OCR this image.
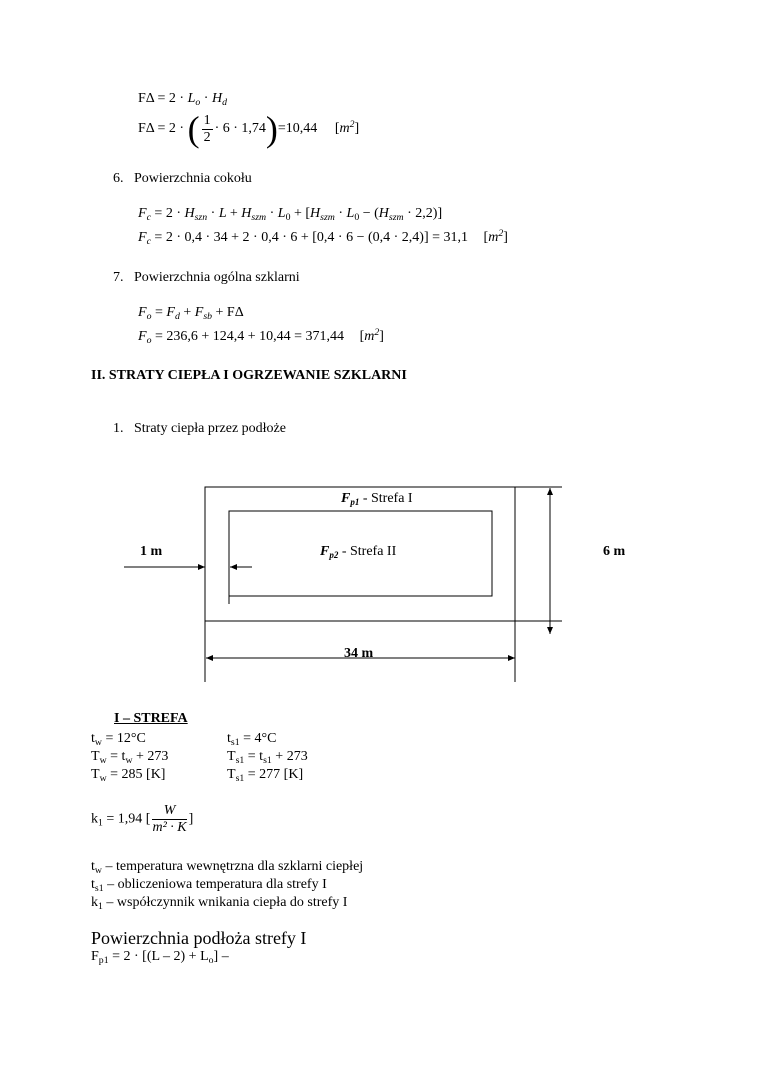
$F\Delta = 2 \cdot L_o \cdot H_d$
FΔ = 2 · ( $\frac{1}{2} \cdot 6 \cdot 1,74)=10,44$ $[m^2]$
6. Powierzchnia cokołu
$F_c = 2 \cdot H_{szn} \cdot L + H_{szm} \cdot L_0 + [H_{szm} \cdot L_0 - (H_{szm} \cdot 2,2)]$
$F_c = 2 \cdot 0,4 \cdot 34 + 2 \cdot 0,4 \cdot 6 + [0,4 \cdot 6 - (0,4 \cdot 2,4)] = 31,1$ $[m^2]$
7. Powierzchnia ogólna szklarni
$F_o = F_d + F_{sb} + F\Delta$
$F_o = 236,6 + 124,4 + 10,44 = 371,44$ $[m^2]$
II. STRATY CIEPŁA I OGRZEWANIE SZKLARNI
1. Straty ciepła przez podłoże
$F_{p1}$ - Strefa I
$F_{p2}$ - Strefa II
1 m	6 m
34 m
I – STREFA
$t_w = 12^\circ C$	$t_{s1} = 4^\circ C$
$T_w = t_w + 273$	$T_{s1} = t_{s1} + 273$
$T_w = 285$ [K]	$T_{s1} = 277$ [K]
$k_1 = 1,94$ [ $\frac{W}{\text{m² · K}}$ ]
$t_w$ – temperatura wewnętrzna dla szklarni ciepłej
$t_{s1}$ – obliczeniowa temperatura dla strefy I
$k_1$ – współczynnik wnikania ciepła do strefy I
Powierzchnia podłoża strefy I
$F_{p1} = 2 \cdot [(L - 2) + L_o]$ –
